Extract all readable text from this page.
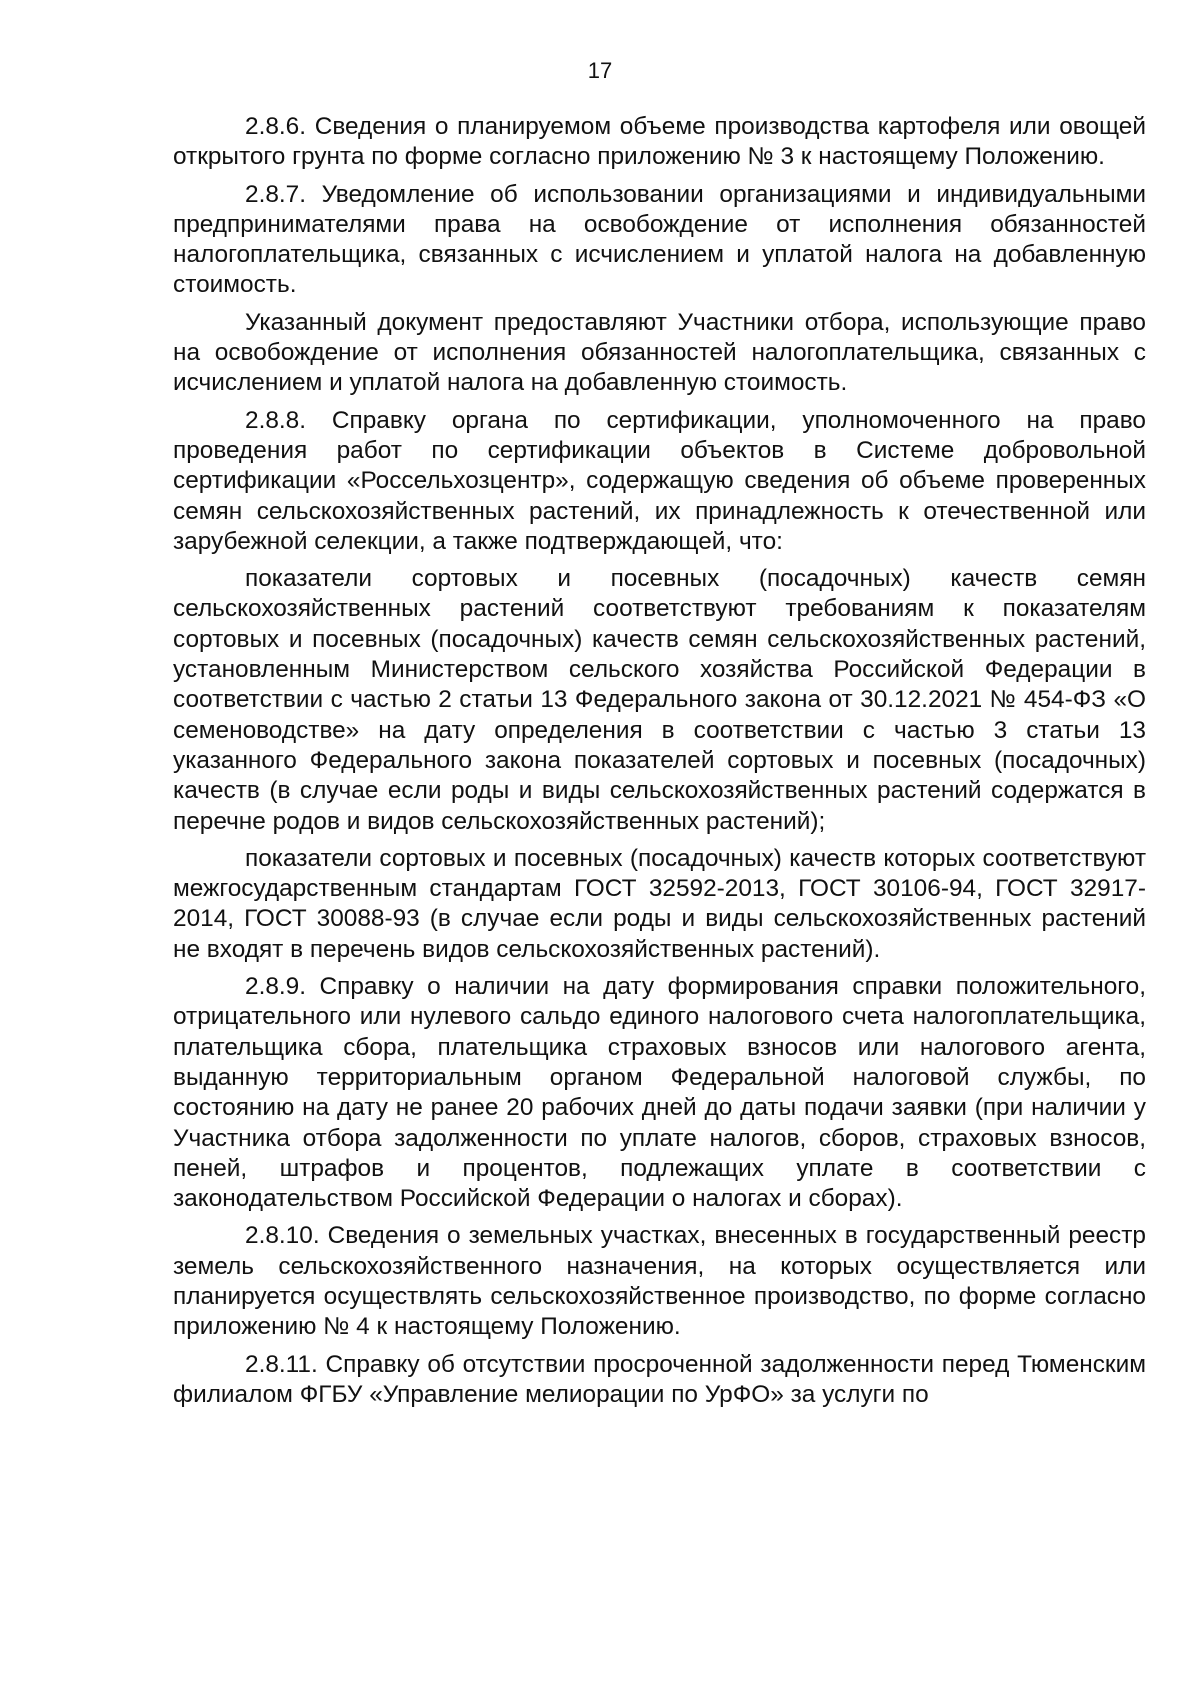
17

2.8.6. Сведения о планируемом объеме производства картофеля или овощей открытого грунта по форме согласно приложению № 3 к настоящему Положению.

2.8.7. Уведомление об использовании организациями и индивидуальными предпринимателями права на освобождение от исполнения обязанностей налогоплательщика, связанных с исчислением и уплатой налога на добавленную стоимость.

Указанный документ предоставляют Участники отбора, использующие право на освобождение от исполнения обязанностей налогоплательщика, связанных с исчислением и уплатой налога на добавленную стоимость.

2.8.8. Справку органа по сертификации, уполномоченного на право проведения работ по сертификации объектов в Системе добровольной сертификации «Россельхозцентр», содержащую сведения об объеме проверенных семян сельскохозяйственных растений, их принадлежность к отечественной или зарубежной селекции, а также подтверждающей, что:

показатели сортовых и посевных (посадочных) качеств семян сельскохозяйственных растений соответствуют требованиям к показателям сортовых и посевных (посадочных) качеств семян сельскохозяйственных растений, установленным Министерством сельского хозяйства Российской Федерации в соответствии с частью 2 статьи 13 Федерального закона от 30.12.2021 № 454-ФЗ «О семеноводстве» на дату определения в соответствии с частью 3 статьи 13 указанного Федерального закона показателей сортовых и посевных (посадочных) качеств (в случае если роды и виды сельскохозяйственных растений содержатся в перечне родов и видов сельскохозяйственных растений);

показатели сортовых и посевных (посадочных) качеств которых соответствуют межгосударственным стандартам ГОСТ 32592-2013, ГОСТ 30106-94, ГОСТ 32917-2014, ГОСТ 30088-93 (в случае если роды и виды сельскохозяйственных растений не входят в перечень видов сельскохозяйственных растений).

2.8.9. Справку о наличии на дату формирования справки положительного, отрицательного или нулевого сальдо единого налогового счета налогоплательщика, плательщика сбора, плательщика страховых взносов или налогового агента, выданную территориальным органом Федеральной налоговой службы, по состоянию на дату не ранее 20 рабочих дней до даты подачи заявки (при наличии у Участника отбора задолженности по уплате налогов, сборов, страховых взносов, пеней, штрафов и процентов, подлежащих уплате в соответствии с законодательством Российской Федерации о налогах и сборах).

2.8.10. Сведения о земельных участках, внесенных в государственный реестр земель сельскохозяйственного назначения, на которых осуществляется или планируется осуществлять сельскохозяйственное производство, по форме согласно приложению № 4 к настоящему Положению.

2.8.11. Справку об отсутствии просроченной задолженности перед Тюменским филиалом ФГБУ «Управление мелиорации по УрФО» за услуги по
